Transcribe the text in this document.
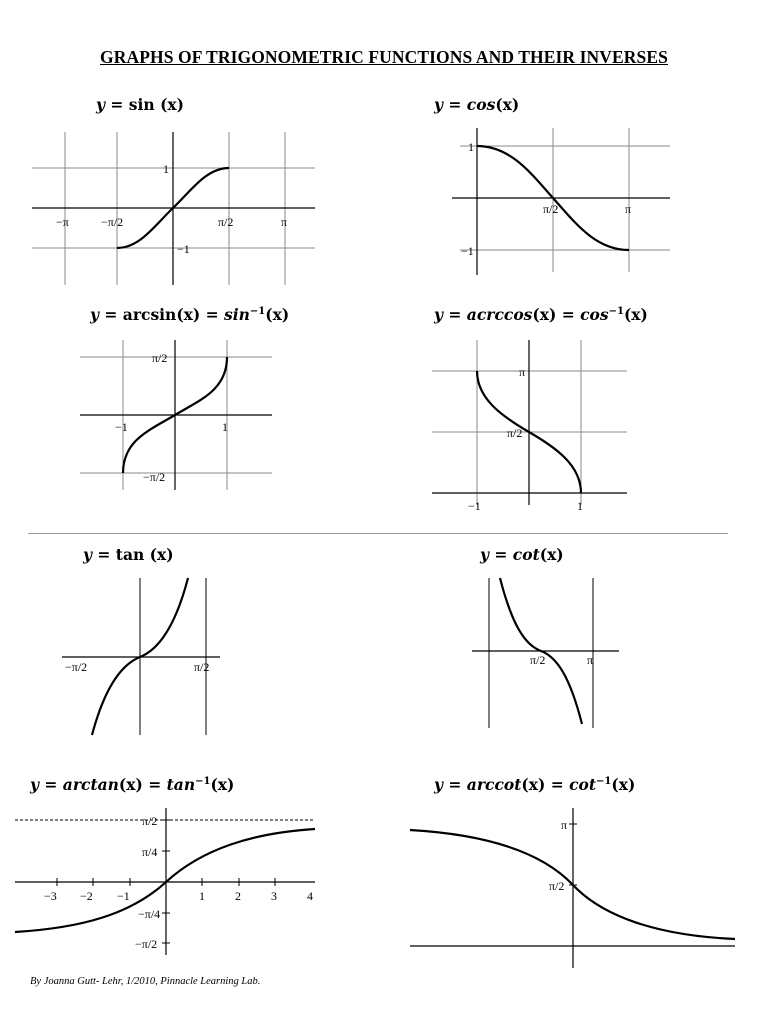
GRAPHS OF TRIGONOMETRIC FUNCTIONS AND THEIR INVERSES
y = sin (x)	y = cos(x)
$y = \arcsin(x) = \sin^{-1}(x)$	y = acrccos(x) = $\cos^{-1}(x)$
y = tan (x)	y = cot(x)
$y = \arctan(x) = \tan^{-1}(x)$	$y = arccot(x) = \cot^{-1}(x)$
−π	−π/2	π/2	π
1
−1
1
−1
π/2	π
π/2
−π/2
−1	1
π
π/2
−1	1
−π/2	π/2	π/2	π
π/2
π/4
−π/4
−π/2
−3 −2 −1	1	2	3	4
π
π/2
By Joanna Gutt- Lehr, 1/2010, Pinnacle Learning Lab.
